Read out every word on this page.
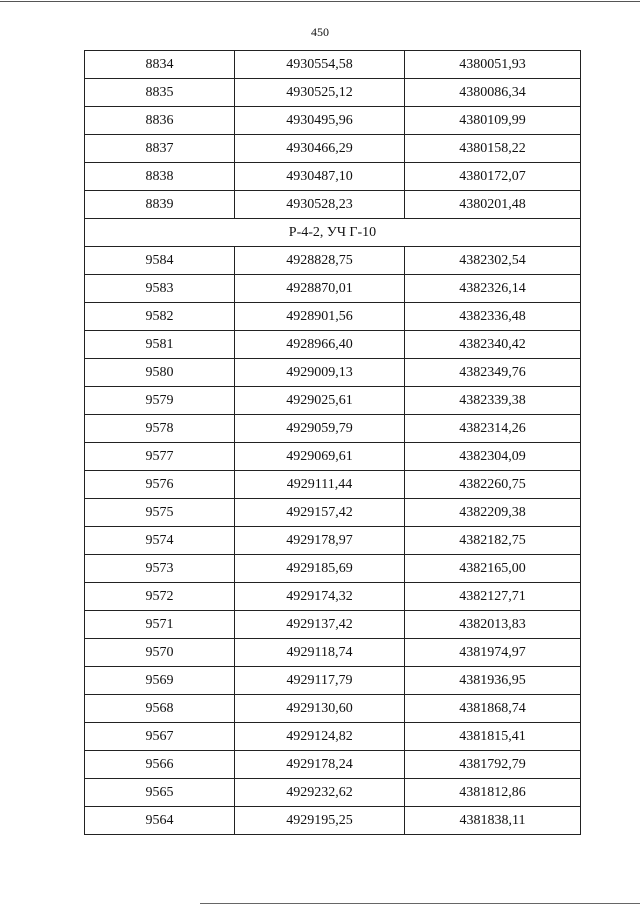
450
8834	4930554,58	4380051,93
8835	4930525,12	4380086,34
8836	4930495,96	4380109,99
8837	4930466,29	4380158,22
8838	4930487,10	4380172,07
8839	4930528,23	4380201,48
Р-4-2, УЧ Г-10		
9584	4928828,75	4382302,54
9583	4928870,01	4382326,14
9582	4928901,56	4382336,48
9581	4928966,40	4382340,42
9580	4929009,13	4382349,76
9579	4929025,61	4382339,38
9578	4929059,79	4382314,26
9577	4929069,61	4382304,09
9576	4929111,44	4382260,75
9575	4929157,42	4382209,38
9574	4929178,97	4382182,75
9573	4929185,69	4382165,00
9572	4929174,32	4382127,71
9571	4929137,42	4382013,83
9570	4929118,74	4381974,97
9569	4929117,79	4381936,95
9568	4929130,60	4381868,74
9567	4929124,82	4381815,41
9566	4929178,24	4381792,79
9565	4929232,62	4381812,86
9564	4929195,25	4381838,11
